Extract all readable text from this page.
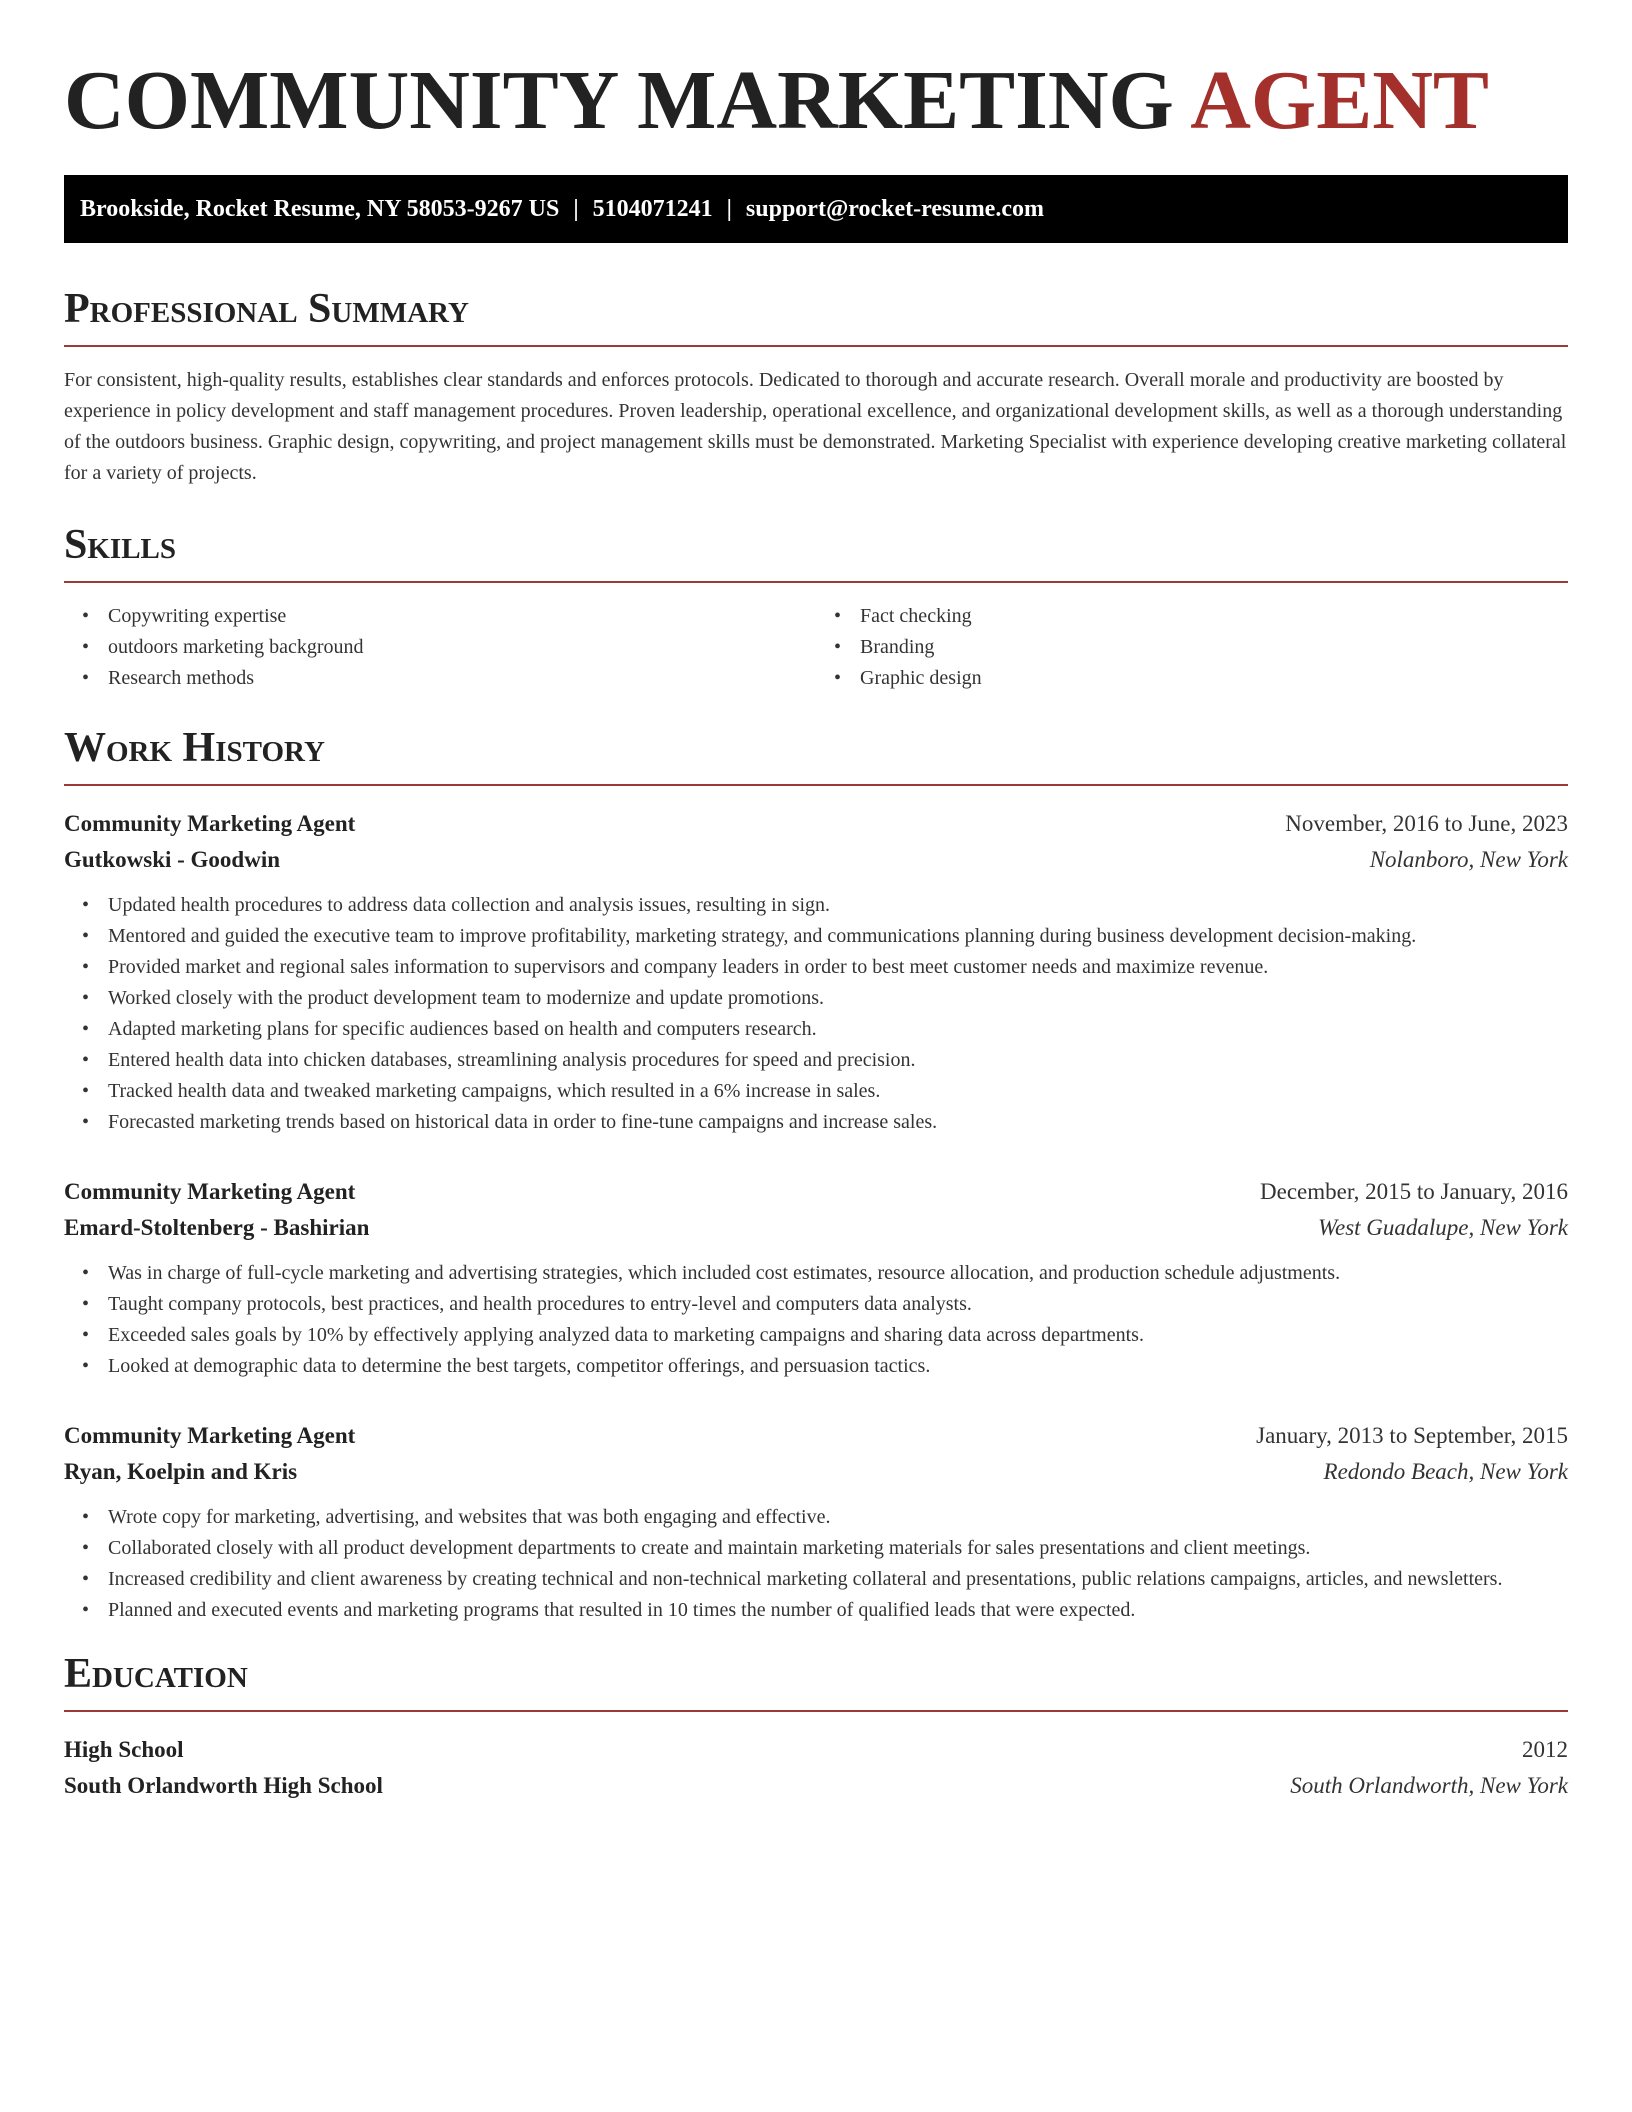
COMMUNITY MARKETING AGENT
Brookside, Rocket Resume, NY 58053-9267 US | 5104071241 | support@rocket-resume.com
Professional Summary

For consistent, high-quality results, establishes clear standards and enforces protocols. Dedicated to thorough and accurate research. Overall morale and productivity are boosted by experience in policy development and staff management procedures. Proven leadership, operational excellence, and organizational development skills, as well as a thorough understanding of the outdoors business. Graphic design, copywriting, and project management skills must be demonstrated. Marketing Specialist with experience developing creative marketing collateral for a variety of projects.

Skills
• Copywriting expertise
• outdoors marketing background
• Research methods
• Fact checking
• Branding
• Graphic design
Work History
Community Marketing Agent	November, 2016 to June, 2023
Gutkowski - Goodwin	Nolanboro, New York
• Updated health procedures to address data collection and analysis issues, resulting in sign.
• Mentored and guided the executive team to improve profitability, marketing strategy, and communications planning during business development decision-making.
• Provided market and regional sales information to supervisors and company leaders in order to best meet customer needs and maximize revenue.
• Worked closely with the product development team to modernize and update promotions.
• Adapted marketing plans for specific audiences based on health and computers research.
• Entered health data into chicken databases, streamlining analysis procedures for speed and precision.
• Tracked health data and tweaked marketing campaigns, which resulted in a 6% increase in sales.
• Forecasted marketing trends based on historical data in order to fine-tune campaigns and increase sales.
Community Marketing Agent	December, 2015 to January, 2016
Emard-Stoltenberg - Bashirian	West Guadalupe, New York
• Was in charge of full-cycle marketing and advertising strategies, which included cost estimates, resource allocation, and production schedule adjustments.
• Taught company protocols, best practices, and health procedures to entry-level and computers data analysts.
• Exceeded sales goals by 10% by effectively applying analyzed data to marketing campaigns and sharing data across departments.
• Looked at demographic data to determine the best targets, competitor offerings, and persuasion tactics.
Community Marketing Agent	January, 2013 to September, 2015
Ryan, Koelpin and Kris	Redondo Beach, New York
• Wrote copy for marketing, advertising, and websites that was both engaging and effective.
• Collaborated closely with all product development departments to create and maintain marketing materials for sales presentations and client meetings.
• Increased credibility and client awareness by creating technical and non-technical marketing collateral and presentations, public relations campaigns, articles, and newsletters.
• Planned and executed events and marketing programs that resulted in 10 times the number of qualified leads that were expected.
Education
High School	2012
South Orlandworth High School	South Orlandworth, New York
